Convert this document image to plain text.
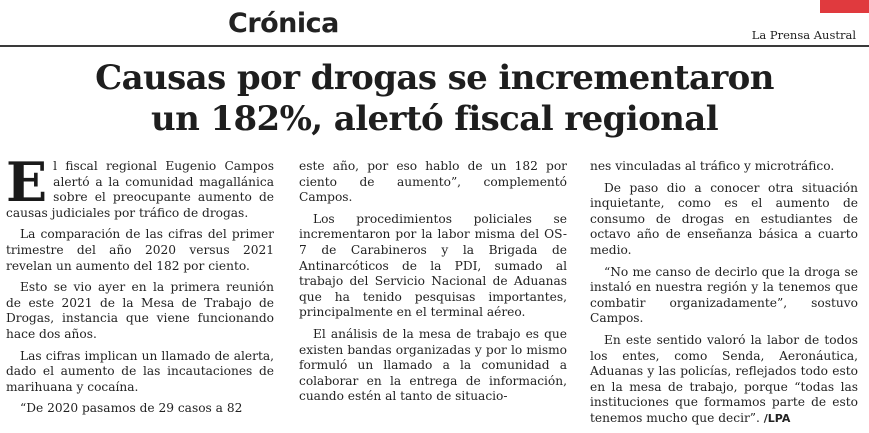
Crónica	La Prensa Austral
Causas por drogas se incrementaron
un 182%, alertó fiscal regional

El fiscal regional Eugenio Campos alertó a la comunidad magallánica sobre el preocupante aumento de causas judiciales por tráfico de drogas.

La comparación de las cifras del primer trimestre del año 2020 versus 2021 revelan un aumento del 182 por ciento.

Esto se vio ayer en la primera reunión de este 2021 de la Mesa de Trabajo de Drogas, instancia que viene funcionando hace dos años.

Las cifras implican un llamado de alerta, dado el aumento de las incautaciones de marihuana y cocaína.

“De 2020 pasamos de 29 casos a 82

este año, por eso hablo de un 182 por ciento de aumento”, complementó Campos.

Los procedimientos policiales se incrementaron por la labor misma del OS-7 de Carabineros y la Brigada de Antinarcóticos de la PDI, sumado al trabajo del Servicio Nacional de Aduanas que ha tenido pesquisas importantes, principalmente en el terminal aéreo.

El análisis de la mesa de trabajo es que existen bandas organizadas y por lo mismo formuló un llamado a la comunidad a colaborar en la entrega de información, cuando estén al tanto de situacio-

nes vinculadas al tráfico y microtráfico.

De paso dio a conocer otra situación inquietante, como es el aumento de consumo de drogas en estudiantes de octavo año de enseñanza básica a cuarto medio.

“No me canso de decirlo que la droga se instaló en nuestra región y la tenemos que combatir organizadamente”, sostuvo Campos.

En este sentido valoró la labor de todos los entes, como Senda, Aeronáutica, Aduanas y las policías, reflejados todo esto en la mesa de trabajo, porque “todas las instituciones que formamos parte de esto tenemos mucho que decir”. /LPA
